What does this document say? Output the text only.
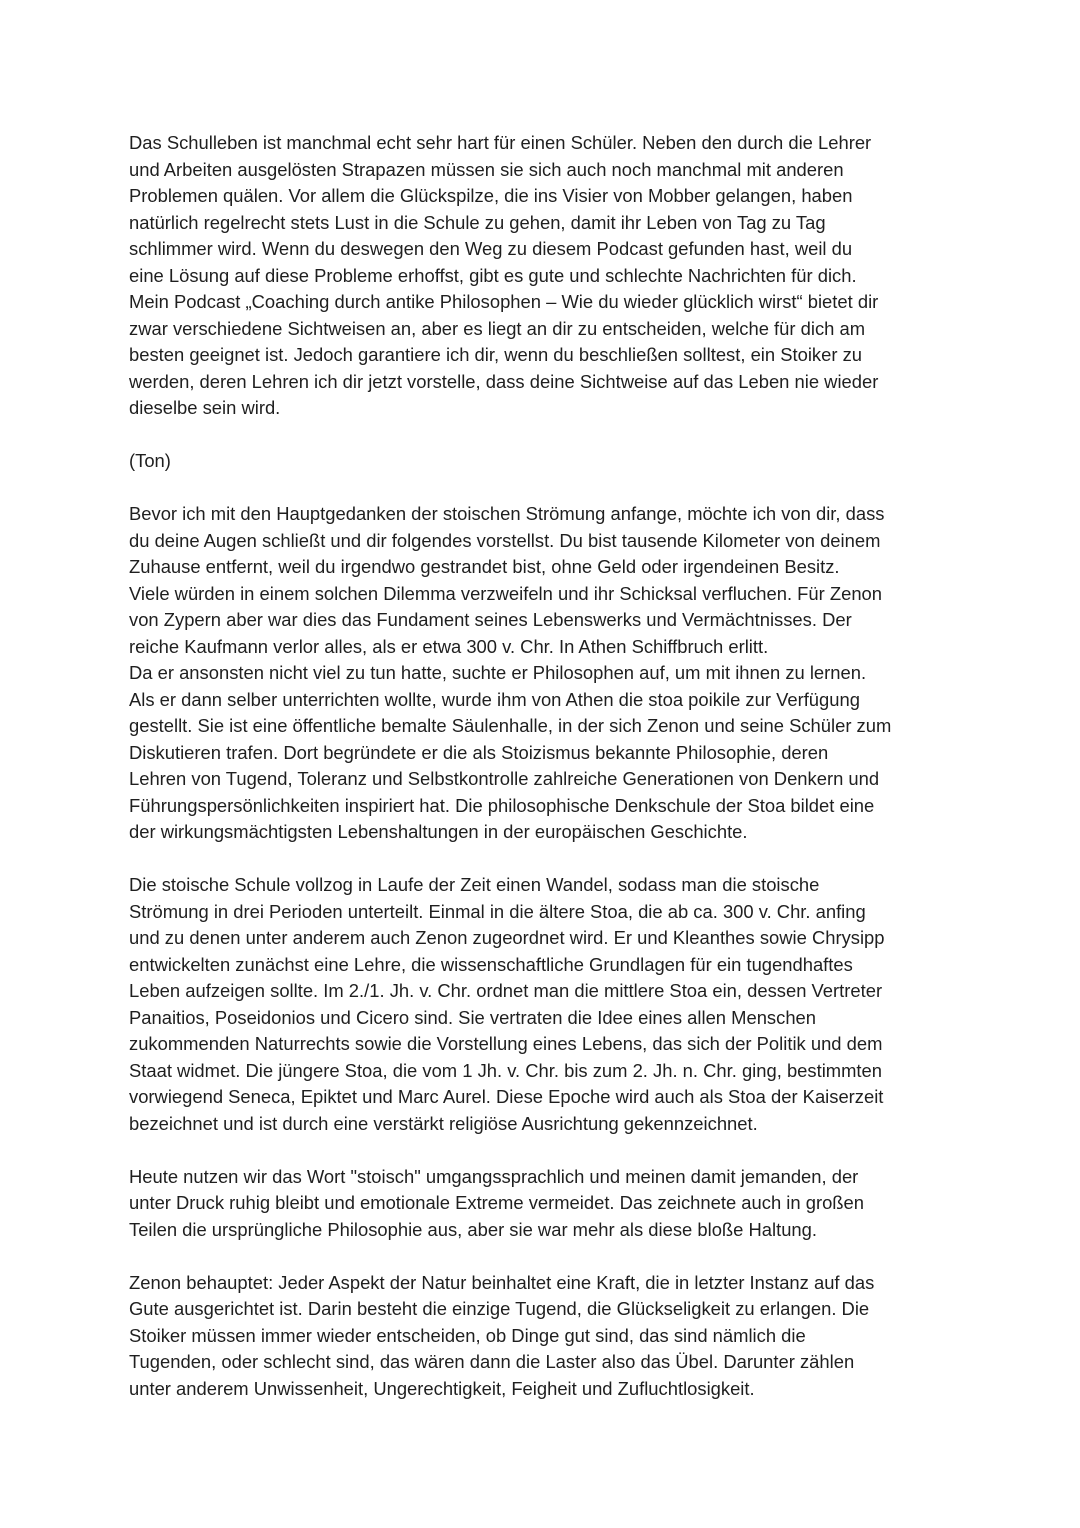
Das Schulleben ist manchmal echt sehr hart für einen Schüler. Neben den durch die Lehrer
und Arbeiten ausgelösten Strapazen müssen sie sich auch noch manchmal mit anderen
Problemen quälen. Vor allem die Glückspilze, die ins Visier von Mobber gelangen, haben
natürlich regelrecht stets Lust in die Schule zu gehen, damit ihr Leben von Tag zu Tag
schlimmer wird. Wenn du deswegen den Weg zu diesem Podcast gefunden hast, weil du
eine Lösung auf diese Probleme erhoffst, gibt es gute und schlechte Nachrichten für dich.
Mein Podcast „Coaching durch antike Philosophen – Wie du wieder glücklich wirst“ bietet dir
zwar verschiedene Sichtweisen an, aber es liegt an dir zu entscheiden, welche für dich am
besten geeignet ist. Jedoch garantiere ich dir, wenn du beschließen solltest, ein Stoiker zu
werden, deren Lehren ich dir jetzt vorstelle, dass deine Sichtweise auf das Leben nie wieder
dieselbe sein wird.

(Ton)

Bevor ich mit den Hauptgedanken der stoischen Strömung anfange, möchte ich von dir, dass
du deine Augen schließt und dir folgendes vorstellst. Du bist tausende Kilometer von deinem
Zuhause entfernt, weil du irgendwo gestrandet bist, ohne Geld oder irgendeinen Besitz.
Viele würden in einem solchen Dilemma verzweifeln und ihr Schicksal verfluchen. Für Zenon
von Zypern aber war dies das Fundament seines Lebenswerks und Vermächtnisses. Der
reiche Kaufmann verlor alles, als er etwa 300 v. Chr. In Athen Schiffbruch erlitt.
Da er ansonsten nicht viel zu tun hatte, suchte er Philosophen auf, um mit ihnen zu lernen.
Als er dann selber unterrichten wollte, wurde ihm von Athen die stoa poikile zur Verfügung
gestellt. Sie ist eine öffentliche bemalte Säulenhalle, in der sich Zenon und seine Schüler zum
Diskutieren trafen. Dort begründete er die als Stoizismus bekannte Philosophie, deren
Lehren von Tugend, Toleranz und Selbstkontrolle zahlreiche Generationen von Denkern und
Führungspersönlichkeiten inspiriert hat. Die philosophische Denkschule der Stoa bildet eine
der wirkungsmächtigsten Lebenshaltungen in der europäischen Geschichte.

Die stoische Schule vollzog in Laufe der Zeit einen Wandel, sodass man die stoische
Strömung in drei Perioden unterteilt. Einmal in die ältere Stoa, die ab ca. 300 v. Chr. anfing
und zu denen unter anderem auch Zenon zugeordnet wird. Er und Kleanthes sowie Chrysipp
entwickelten zunächst eine Lehre, die wissenschaftliche Grundlagen für ein tugendhaftes
Leben aufzeigen sollte. Im 2./1. Jh. v. Chr. ordnet man die mittlere Stoa ein, dessen Vertreter
Panaitios, Poseidonios und Cicero sind. Sie vertraten die Idee eines allen Menschen
zukommenden Naturrechts sowie die Vorstellung eines Lebens, das sich der Politik und dem
Staat widmet. Die jüngere Stoa, die vom 1 Jh. v. Chr. bis zum 2. Jh. n. Chr. ging, bestimmten
vorwiegend Seneca, Epiktet und Marc Aurel. Diese Epoche wird auch als Stoa der Kaiserzeit
bezeichnet und ist durch eine verstärkt religiöse Ausrichtung gekennzeichnet.

Heute nutzen wir das Wort "stoisch" umgangssprachlich und meinen damit jemanden, der
unter Druck ruhig bleibt und emotionale Extreme vermeidet. Das zeichnete auch in großen
Teilen die ursprüngliche Philosophie aus, aber sie war mehr als diese bloße Haltung.

Zenon behauptet: Jeder Aspekt der Natur beinhaltet eine Kraft, die in letzter Instanz auf das
Gute ausgerichtet ist. Darin besteht die einzige Tugend, die Glückseligkeit zu erlangen. Die
Stoiker müssen immer wieder entscheiden, ob Dinge gut sind, das sind nämlich die
Tugenden, oder schlecht sind, das wären dann die Laster also das Übel. Darunter zählen
unter anderem Unwissenheit, Ungerechtigkeit, Feigheit und Zufluchtlosigkeit.
